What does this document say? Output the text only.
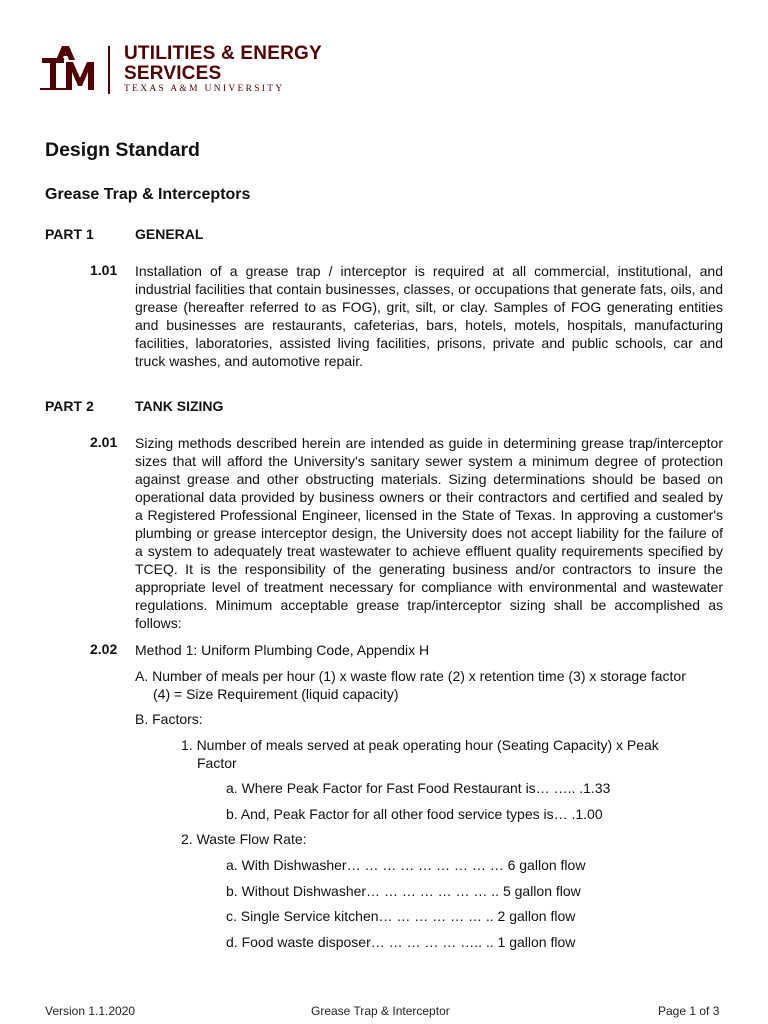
UTILITIES & ENERGY
SERVICES
TEXAS A&M UNIVERSITY
Design Standard
Grease Trap & Interceptors
PART 1	GENERAL
1.01 Installation of a grease trap / interceptor is required at all commercial, institutional, and industrial facilities that contain businesses, classes, or occupations that generate fats, oils, and grease (hereafter referred to as FOG), grit, silt, or clay. Samples of FOG generating entities and businesses are restaurants, cafeterias, bars, hotels, motels, hospitals, manufacturing facilities, laboratories, assisted living facilities, prisons, private and public schools, car and truck washes, and automotive repair.
PART 2	TANK SIZING
2.01 Sizing methods described herein are intended as guide in determining grease trap/interceptor sizes that will afford the University's sanitary sewer system a minimum degree of protection against grease and other obstructing materials. Sizing determinations should be based on operational data provided by business owners or their contractors and certified and sealed by a Registered Professional Engineer, licensed in the State of Texas. In approving a customer's plumbing or grease interceptor design, the University does not accept liability for the failure of a system to adequately treat wastewater to achieve effluent quality requirements specified by TCEQ. It is the responsibility of the generating business and/or contractors to insure the appropriate level of treatment necessary for compliance with environmental and wastewater regulations. Minimum acceptable grease trap/interceptor sizing shall be accomplished as follows:
2.02 Method 1: Uniform Plumbing Code, Appendix H
A. Number of meals per hour (1) x waste flow rate (2) x retention time (3) x storage factor
(4) = Size Requirement (liquid capacity)
B. Factors:
1. Number of meals served at peak operating hour (Seating Capacity) x Peak
Factor
a. Where Peak Factor for Fast Food Restaurant is… ….. .1.33
b. And, Peak Factor for all other food service types is… .1.00
2. Waste Flow Rate:
a. With Dishwasher… … … … … … … … … 6 gallon flow
b. Without Dishwasher… … … … … … … .. 5 gallon flow
c. Single Service kitchen… … … … … … .. 2 gallon flow
d. Food waste disposer… … … … … ….. .. 1 gallon flow
Version 1.1.2020	Grease Trap & Interceptor	Page 1 of 3
